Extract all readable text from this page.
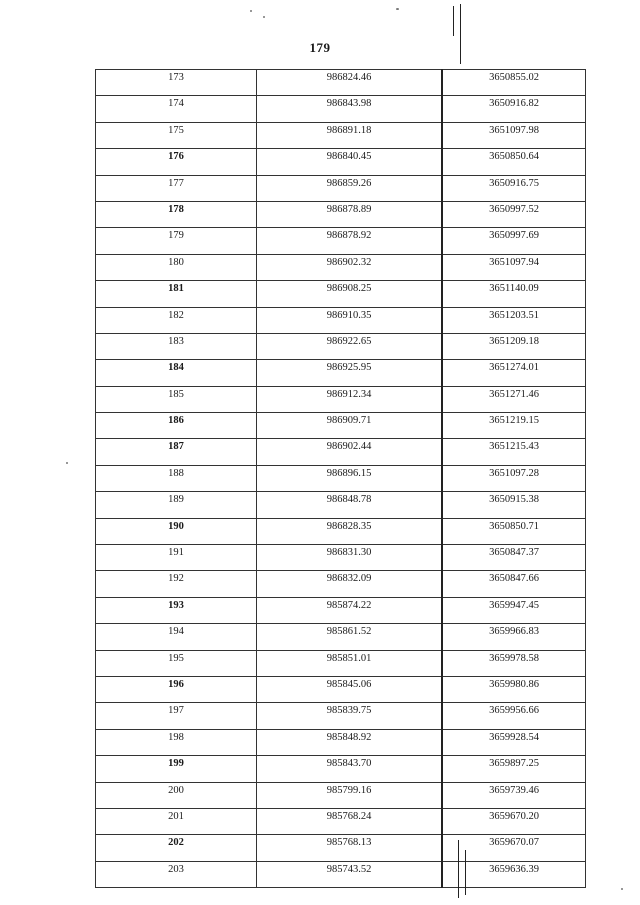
179
173	986824.46	3650855.02
174	986843.98	3650916.82
175	986891.18	3651097.98
176	986840.45	3650850.64
177	986859.26	3650916.75
178	986878.89	3650997.52
179	986878.92	3650997.69
180	986902.32	3651097.94
181	986908.25	3651140.09
182	986910.35	3651203.51
183	986922.65	3651209.18
184	986925.95	3651274.01
185	986912.34	3651271.46
186	986909.71	3651219.15
187	986902.44	3651215.43
188	986896.15	3651097.28
189	986848.78	3650915.38
190	986828.35	3650850.71
191	986831.30	3650847.37
192	986832.09	3650847.66
193	985874.22	3659947.45
194	985861.52	3659966.83
195	985851.01	3659978.58
196	985845.06	3659980.86
197	985839.75	3659956.66
198	985848.92	3659928.54
199	985843.70	3659897.25
200	985799.16	3659739.46
201	985768.24	3659670.20
202	985768.13	3659670.07
203	985743.52	3659636.39
